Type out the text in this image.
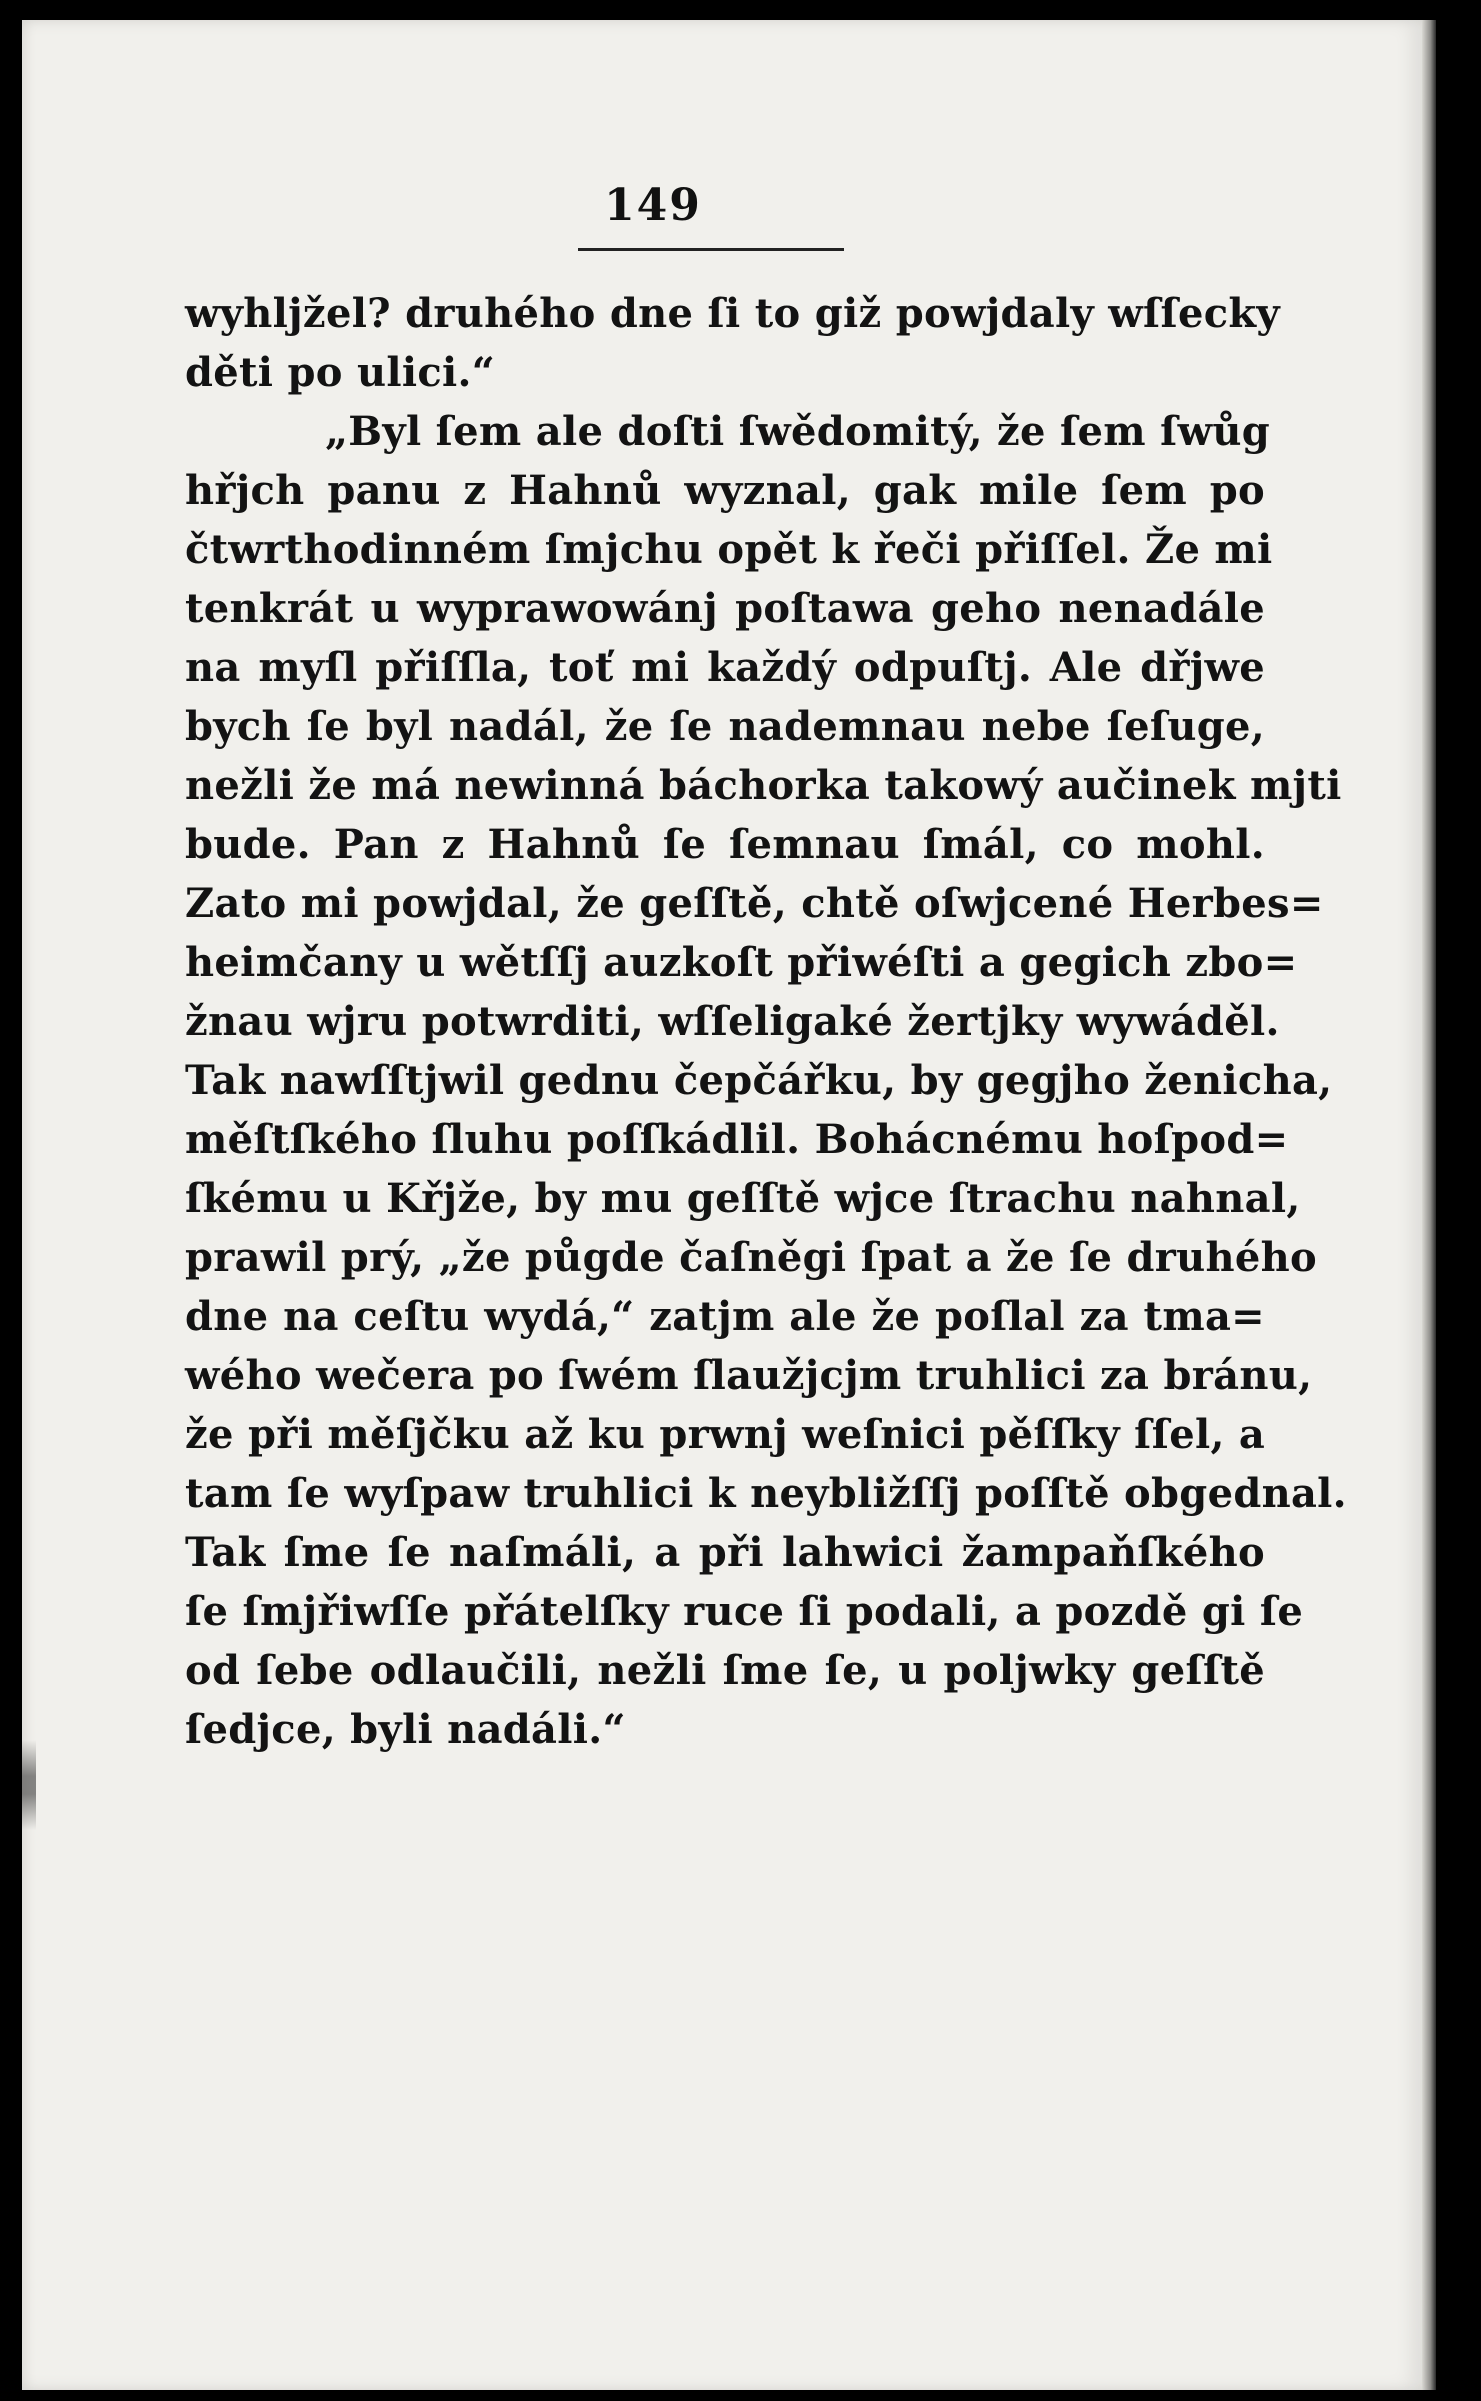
149
wyhljžel? druhého dne ſi to giž powjdaly wſſecky
děti po ulici.“
„Byl ſem ale doſti ſwědomitý, že ſem ſwůg
hřjch panu z Hahnů wyznal, gak mile ſem po
čtwrthodinném ſmjchu opět k řeči přiſſel. Že mi
tenkrát u wyprawowánj poſtawa geho nenadále
na myſl přiſſla, toť mi každý odpuſtj. Ale dřjwe
bych ſe byl nadál, že ſe nademnau nebe ſeſuge,
nežli že má newinná báchorka takowý aučinek mjti
bude. Pan z Hahnů ſe ſemnau ſmál, co mohl.
Zato mi powjdal, že geſſtě, chtě oſwjcené Herbes=
heimčany u wětſſj auzkoſt přiwéſti a gegich zbo=
žnau wjru potwrditi, wſſeligaké žertjky wywáděl.
Tak nawſſtjwil gednu čepčářku, by gegjho ženicha,
měſtſkého ſluhu poſſkádlil. Bohácnému hoſpod=
ſkému u Křjže, by mu geſſtě wjce ſtrachu nahnal,
prawil prý, „že půgde čaſněgi ſpat a že ſe druhého
dne na ceſtu wydá,“ zatjm ale že poſlal za tma=
wého wečera po ſwém ſlaužjcjm truhlici za bránu,
že při měſjčku až ku prwnj weſnici pěſſky ſſel, a
tam ſe wyſpaw truhlici k neybližſſj poſſtě obgednal.
Tak ſme ſe naſmáli, a při lahwici žampaňſkého
ſe ſmjřiwſſe přátelſky ruce ſi podali, a pozdě gi ſe
od ſebe odlaučili, nežli ſme ſe, u poljwky geſſtě
ſedjce, byli nadáli.“
